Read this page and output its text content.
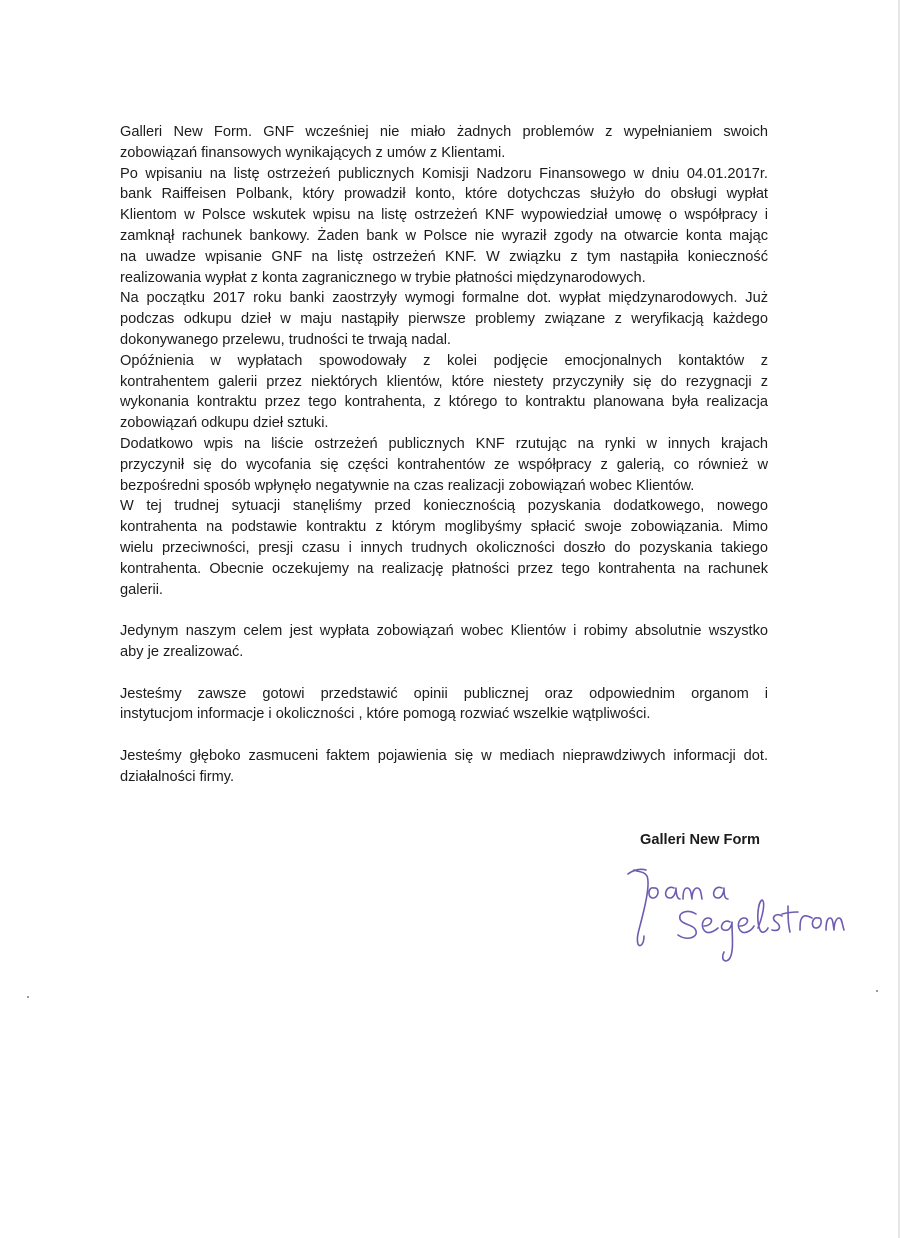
Galleri New Form. GNF wcześniej nie miało żadnych problemów z wypełnianiem swoich
zobowiązań finansowych wynikających z umów z Klientami.
Po wpisaniu na listę ostrzeżeń publicznych Komisji Nadzoru Finansowego w dniu 04.01.2017r.
bank Raiffeisen Polbank, który prowadził konto, które dotychczas służyło do obsługi wypłat
Klientom w Polsce wskutek wpisu na listę ostrzeżeń KNF wypowiedział umowę o współpracy i
zamknął rachunek bankowy. Żaden bank w Polsce nie wyraził zgody na otwarcie konta mając
na uwadze wpisanie GNF na listę ostrzeżeń KNF. W związku z tym nastąpiła konieczność
realizowania wypłat z konta zagranicznego w trybie płatności międzynarodowych.
Na początku 2017 roku banki zaostrzyły wymogi formalne dot. wypłat międzynarodowych. Już
podczas odkupu dzieł w maju nastąpiły pierwsze problemy związane z weryfikacją każdego
dokonywanego przelewu, trudności te trwają nadal.
Opóźnienia w wypłatach spowodowały z kolei podjęcie emocjonalnych kontaktów z
kontrahentem galerii przez niektórych klientów, które niestety przyczyniły się do rezygnacji z
wykonania kontraktu przez tego kontrahenta, z którego to kontraktu planowana była realizacja
zobowiązań odkupu dzieł sztuki.
Dodatkowo wpis na liście ostrzeżeń publicznych KNF rzutując na rynki w innych krajach
przyczynił się do wycofania się części kontrahentów ze współpracy z galerią, co również w
bezpośredni sposób wpłynęło negatywnie na czas realizacji zobowiązań wobec Klientów.
W tej trudnej sytuacji stanęliśmy przed koniecznością pozyskania dodatkowego, nowego
kontrahenta na podstawie kontraktu z którym moglibyśmy spłacić swoje zobowiązania. Mimo
wielu przeciwności, presji czasu i innych trudnych okoliczności doszło do pozyskania takiego
kontrahenta. Obecnie oczekujemy na realizację płatności przez tego kontrahenta na rachunek
galerii.
Jedynym naszym celem jest wypłata zobowiązań wobec Klientów i robimy absolutnie wszystko
aby je zrealizować.
Jesteśmy zawsze gotowi przedstawić opinii publicznej oraz odpowiednim organom i
instytucjom informacje i okoliczności , które pomogą rozwiać wszelkie wątpliwości.
Jesteśmy głęboko zasmuceni faktem pojawienia się w mediach nieprawdziwych informacji dot.
działalności firmy.
Galleri New Form
